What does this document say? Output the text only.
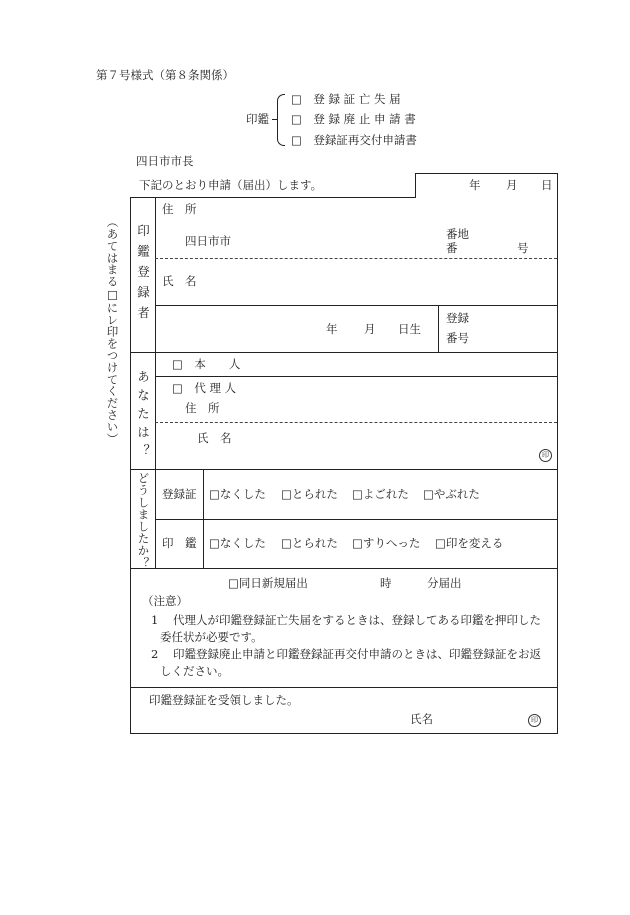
第７号様式（第８条関係）
印鑑
□　登 録 証 亡 失 届
□　登 録 廃 止 申 請 書
□　登録証再交付申請書
四日市市長
下記のとおり申請（届出）します。	年 月 日
印鑑登録者
住　所
四日市市	番地
番	号
氏　名
年 月 日生
登録
番号
あなたは？
□　本　　人
□　代 理 人
住　所
氏　名
印
どうしましたか？ 登録証 □なくした □とられた □よごれた □やぶれた
印　鑑 □なくした □とられた □すりへった □印を変える
□同日新規届出	時	分届出
（注意）
1 代理人が印鑑登録証亡失届をするときは、登録してある印鑑を押印した
委任状が必要です。
2 印鑑登録廃止申請と印鑑登録証再交付申請のときは、印鑑登録証をお返
しください。
印鑑登録証を受領しました。
氏名	印
（あてはまる□にレ印をつけてください）
